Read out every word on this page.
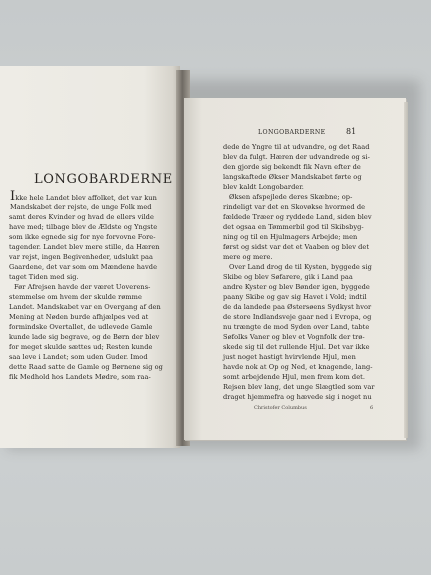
LONGOBARDERNE
Ikke hele Landet blev affolket, det var kun
Mandskabet der rejste, de unge Folk med
samt deres Kvinder og hvad de ellers vilde
have med; tilbage blev de Ældste og Yngste
som ikke egnede sig for nye forvovne Fore-
tagender. Landet blev mere stille, da Hæren
var rejst, ingen Begivenheder, udslukt paa
Gaardene, det var som om Mændene havde
taget Tiden med sig.
Før Afrejsen havde der været Uoverens-
stemmelse om hvem der skulde rømme
Landet. Mandskabet var en Overgang af den
Mening at Nøden burde afhjælpes ved at
formindske Overtallet, de udlevede Gamle
kunde lade sig begrave, og de Børn der blev
for meget skulde sættes ud; Resten kunde
saa leve i Landet; som uden Guder. Imod
dette Raad satte de Gamle og Børnene sig og
fik Medhold hos Landets Mødre, som raa-
LONGOBARDERNE	81
dede de Yngre til at udvandre, og det Raad
blev da fulgt. Hæren der udvandrede og si-
den gjorde sig bekendt fik Navn efter de
langskaftede Økser Mandskabet førte og
blev kaldt Longobarder.
Øksen afspejlede deres Skæbne; op-
rindeligt var det en Skovøkse hvormed de
fældede Træer og ryddede Land, siden blev
det ogsaa en Tømmerbil god til Skibsbyg-
ning og til en Hjulmagers Arbejde; men
først og sidst var det et Vaaben og blev det
mere og mere.
Over Land drog de til Kysten, byggede sig
Skibe og blev Søfarere, gik i Land paa
andre Kyster og blev Bønder igen, byggede
paany Skibe og gav sig Havet i Vold; indtil
de da landede paa Østersøens Sydkyst hvor
de store Indlandsveje gaar ned i Evropa, og
nu trængte de mod Syden over Land, tabte
Søfolks Vaner og blev et Vognfolk der trø-
skede sig til det rullende Hjul. Det var ikke
just noget hastigt hvirvlende Hjul, men
havde nok at Op og Ned, et knagende, lang-
somt arbejdende Hjul, men frem kom det.
Rejsen blev lang, det unge Slægtled som var
draget hjemmefra og hævede sig i noget nu
Christofer Columbus	6
